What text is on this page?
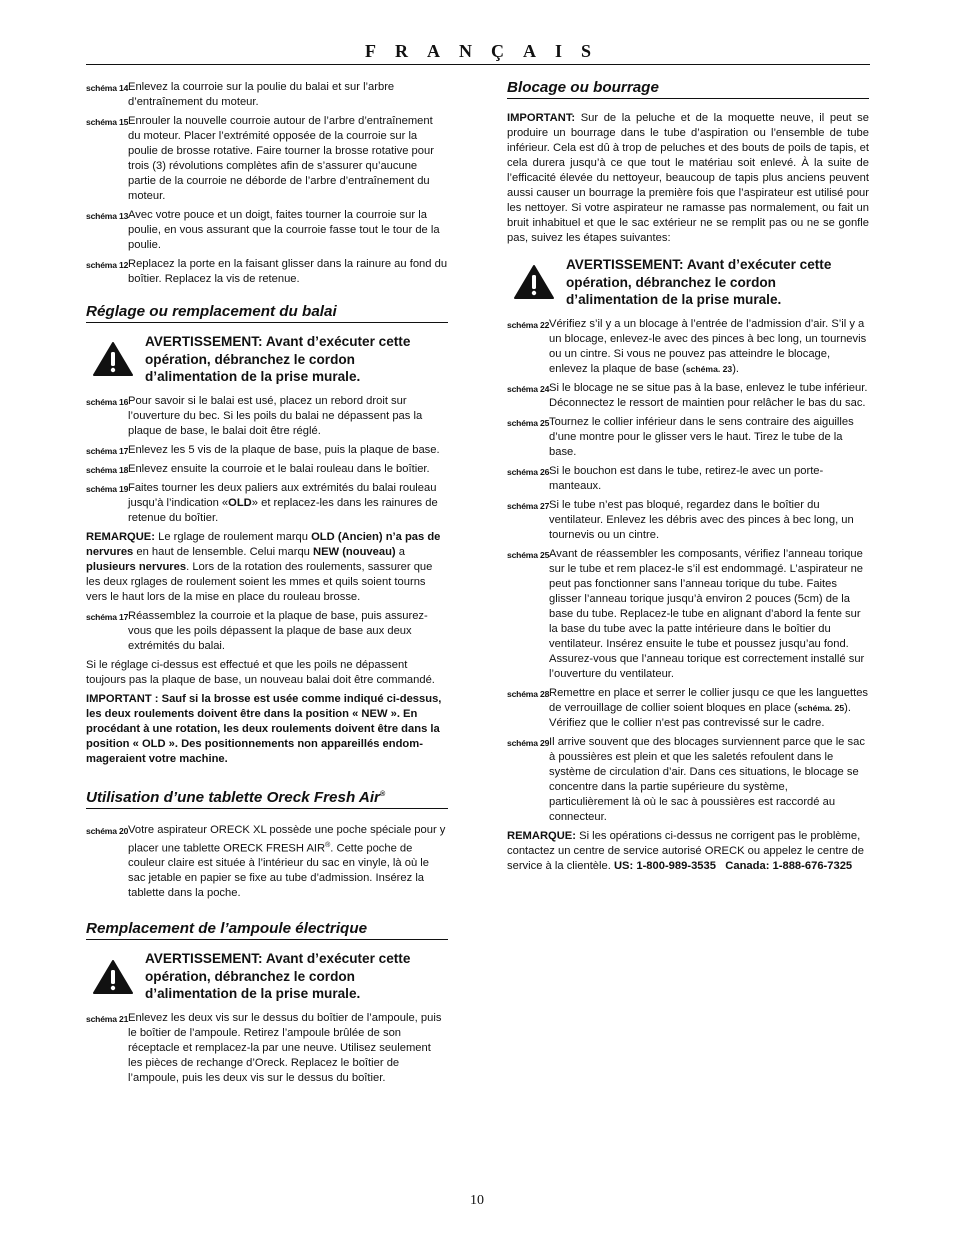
FRANÇAIS
schéma 14 Enlevez la courroie sur la poulie du balai et sur l’arbre d’entraînement du moteur.
schéma 15 Enrouler la nouvelle courroie autour de l’arbre d’entraînement du moteur. Placer l’extrémité opposée de la courroie sur la poulie de brosse rotative. Faire tourner la brosse rotative pour trois (3) révolutions complètes afin de s’assurer qu’aucune partie de la courroie ne déborde de l’arbre d’entraînement du moteur.
schéma 13 Avec votre pouce et un doigt, faites tourner la courroie sur la poulie, en vous assurant que la courroie fasse tout le tour de la poulie.
schéma 12 Replacez la porte en la faisant glisser dans la rainure au fond du boîtier. Replacez la vis de retenue.
Réglage ou remplacement du balai
AVERTISSEMENT: Avant d’exécuter cette opération, débranchez le cordon d’alimentation de la prise murale.
schéma 16 Pour savoir si le balai est usé, placez un rebord droit sur l’ouverture du bec. Si les poils du balai ne dépassent pas la plaque de base, le balai doit être réglé.
schéma 17 Enlevez les 5 vis de la plaque de base, puis la plaque de base.
schéma 18 Enlevez ensuite la courroie et le balai rouleau dans le boîtier.
schéma 19 Faites tourner les deux paliers aux extrémités du balai rouleau jusqu’à l’indication «OLD» et replacez-les dans les rainures de retenue du boîtier.

REMARQUE: Le rglage de roulement marqu OLD (Ancien) n’a pas de nervures en haut de lensemble. Celui marqu NEW (nouveau) a plusieurs nervures. Lors de la rotation des roulements, sassurer que les deux rglages de roulement soient les mmes et quils soient tourns vers le haut lors de la mise en place du rouleau brosse.

schéma 17 Réassemblez la courroie et la plaque de base, puis assurez-vous que les poils dépassent la plaque de base aux deux extrémités du balai.

Si le réglage ci-dessus est effectué et que les poils ne dépassent toujours pas la plaque de base, un nouveau balai doit être commandé.

IMPORTANT : Sauf si la brosse est usée comme indiqué ci-dessus, les deux roulements doivent être dans la position « NEW ». En procédant à une rotation, les deux roulements doivent être dans la position « OLD ». Des positionnements non appareillés endom-mageraient votre machine.

Utilisation d’une tablette Oreck Fresh Air®
schéma 20 Votre aspirateur ORECK XL possède une poche spéciale pour y placer une tablette ORECK FRESH AIR®. Cette poche de couleur claire est située à l’intérieur du sac en vinyle, là où le sac jetable en papier se fixe au tube d’admission. Insérez la tablette dans la poche.
Remplacement de l’ampoule électrique
AVERTISSEMENT: Avant d’exécuter cette opération, débranchez le cordon d’alimentation de la prise murale.
schéma 21 Enlevez les deux vis sur le dessus du boîtier de l’ampoule, puis le boîtier de l’ampoule. Retirez l’ampoule brûlée de son réceptacle et remplacez-la par une neuve. Utilisez seulement les pièces de rechange d’Oreck. Replacez le boîtier de l’ampoule, puis les deux vis sur le dessus du boîtier.
Blocage ou bourrage

IMPORTANT: Sur de la peluche et de la moquette neuve, il peut se produire un bourrage dans le tube d’aspiration ou l’ensemble de tube inférieur. Cela est dû à trop de peluches et des bouts de poils de tapis, et cela durera jusqu’à ce que tout le matériau soit enlevé. À la suite de l’efficacité élevée du nettoyeur, beaucoup de tapis plus anciens peuvent aussi causer un bourrage la première fois que l’aspirateur est utilisé pour les nettoyer. Si votre aspirateur ne ramasse pas normalement, ou fait un bruit inhabituel et que le sac extérieur ne se remplit pas ou ne se gonfle pas, suivez les étapes suivantes:

AVERTISSEMENT: Avant d’exécuter cette opération, débranchez le cordon d’alimentation de la prise murale.
schéma 22 Vérifiez s’il y a un blocage à l’entrée de l’admission d’air. S’il y a un blocage, enlevez-le avec des pinces à bec long, un tournevis ou un cintre. Si vous ne pouvez pas atteindre le blocage, enlevez la plaque de base (schéma. 23).
schéma 24 Si le blocage ne se situe pas à la base, enlevez le tube inférieur. Déconnectez le ressort de maintien pour relâcher le bas du sac.
schéma 25 Tournez le collier inférieur dans le sens contraire des aiguilles d’une montre pour le glisser vers le haut. Tirez le tube de la base.
schéma 26 Si le bouchon est dans le tube, retirez-le avec un porte-manteaux.
schéma 27 Si le tube n’est pas bloqué, regardez dans le boîtier du ventilateur. Enlevez les débris avec des pinces à bec long, un tournevis ou un cintre.
schéma 25 Avant de réassembler les composants, vérifiez l’anneau torique sur le tube et rem placez-le s’il est endommagé. L’aspirateur ne peut pas fonctionner sans l’anneau torique du tube. Faites glisser l’anneau torique jusqu’à environ 2 pouces (5cm) de la base du tube. Replacez-le tube en alignant d’abord la fente sur la base du tube avec la patte intérieure dans le boîtier du ventilateur. Insérez ensuite le tube et poussez jusqu’au fond. Assurez-vous que l’anneau torique est correctement installé sur l’ouverture du ventilateur.
schéma 28 Remettre en place et serrer le collier jusqu ce que les languettes de verrouillage de collier soient bloques en place (schéma. 25). Vérifiez que le collier n’est pas contrevissé sur le cadre.
schéma 29 Il arrive souvent que des blocages surviennent parce que le sac à poussières est plein et que les saletés refoulent dans le système de circulation d’air. Dans ces situations, le blocage se concentre dans la partie supérieure du système, particulièrement là où le sac à poussières est raccordé au connecteur.

REMARQUE: Si les opérations ci-dessus ne corrigent pas le problème, contactez un centre de service autorisé ORECK ou appelez le centre de service à la clientèle. US: 1-800-989-3535   Canada: 1-888-676-7325

10
